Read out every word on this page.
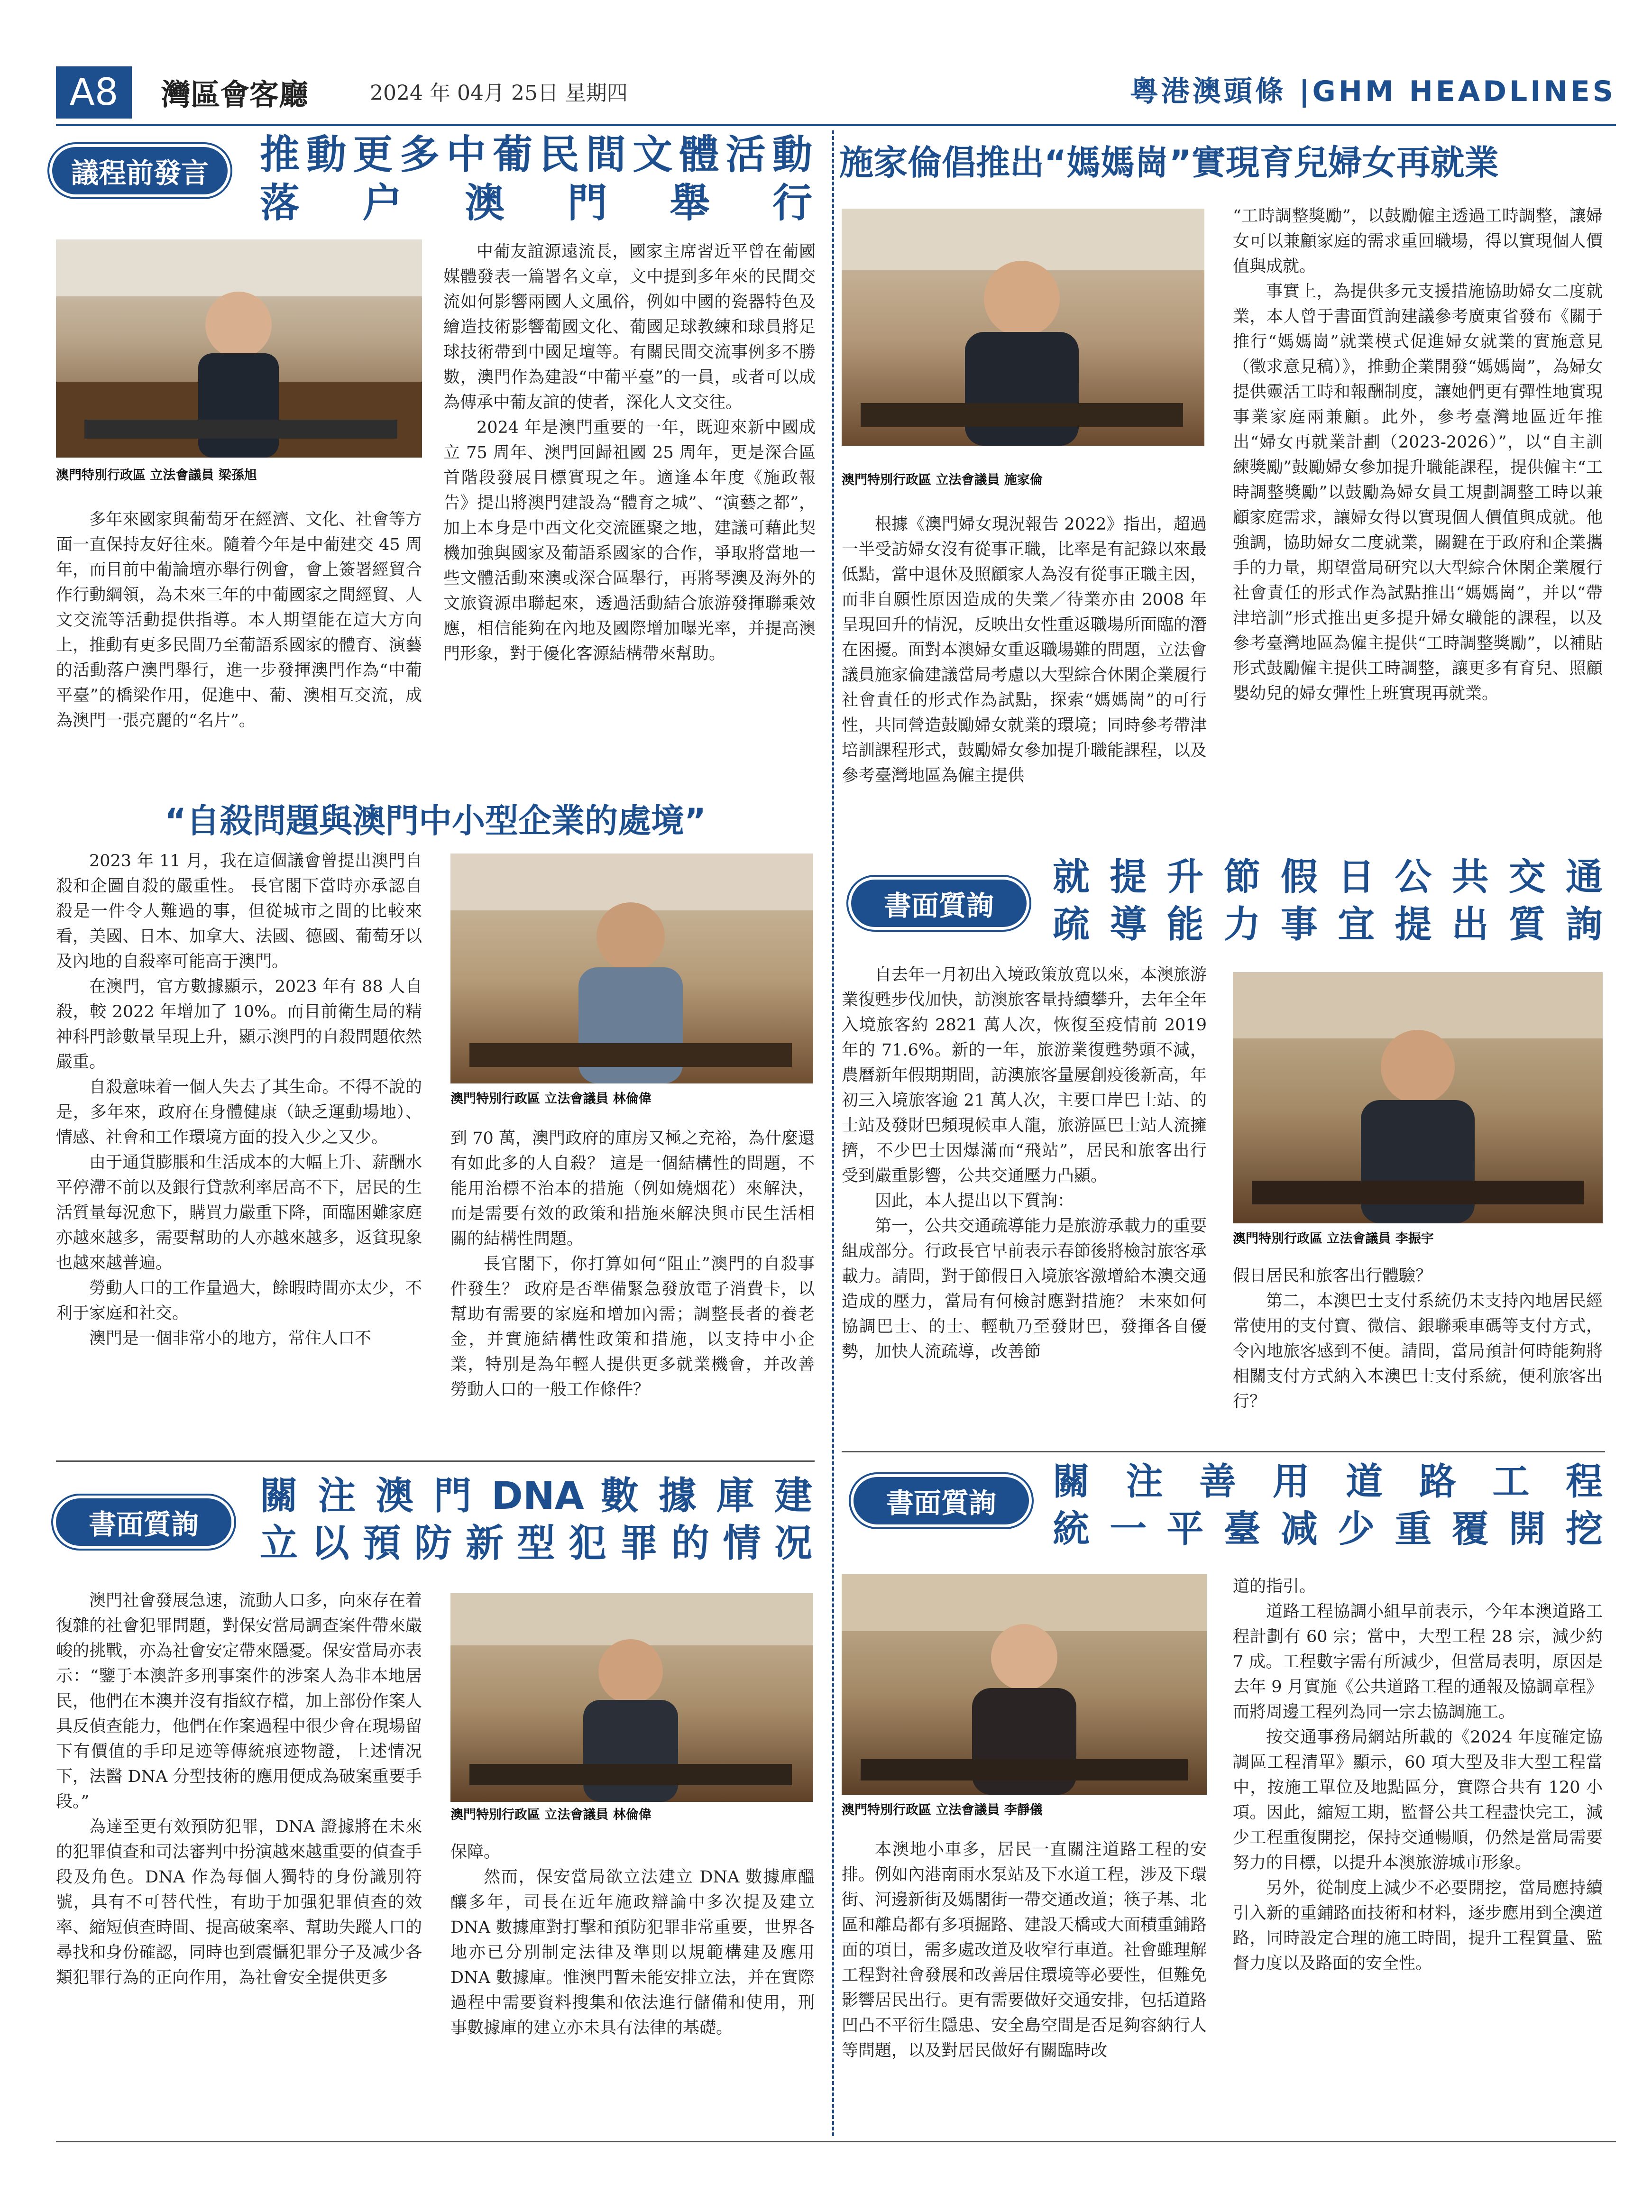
A8	灣區會客廳	2024 年 04月 25日 星期四	粵港澳頭條 |GHM HEADLINES
議程前發言	推動更多中葡民間文體活動
落 户 澳 門 舉 行
澳門特別行政區 立法會議員 梁孫旭

多年來國家與葡萄牙在經濟、文化、社會等方面一直保持友好往來。隨着今年是中葡建交 45 周年，而目前中葡論壇亦舉行例會，會上簽署經貿合作行動綱領，為未來三年的中葡國家之間經貿、人文交流等活動提供指導。本人期望能在這大方向上，推動有更多民間乃至葡語系國家的體育、演藝的活動落户澳門舉行，進一步發揮澳門作為“中葡平臺”的橋梁作用，促進中、葡、澳相互交流，成為澳門一張亮麗的“名片”。

中葡友誼源遠流長，國家主席習近平曾在葡國媒體發表一篇署名文章，文中提到多年來的民間交流如何影響兩國人文風俗，例如中國的瓷器特色及繪造技術影響葡國文化、葡國足球教練和球員將足球技術帶到中國足壇等。有關民間交流事例多不勝數，澳門作為建設“中葡平臺”的一員，或者可以成為傳承中葡友誼的使者，深化人文交往。

2024 年是澳門重要的一年，既迎來新中國成立 75 周年、澳門回歸祖國 25 周年，更是深合區首階段發展目標實現之年。適逢本年度《施政報告》提出將澳門建設為“體育之城”、“演藝之都”，加上本身是中西文化交流匯聚之地，建議可藉此契機加強與國家及葡語系國家的合作，爭取將當地一些文體活動來澳或深合區舉行，再將琴澳及海外的文旅資源串聯起來，透過活動結合旅游發揮聯乘效應，相信能夠在內地及國際增加曝光率，并提高澳門形象，對于優化客源結構帶來幫助。

“自殺問題與澳門中小型企業的處境”

2023 年 11 月，我在這個議會曾提出澳門自殺和企圖自殺的嚴重性。 長官閣下當時亦承認自殺是一件令人難過的事，但從城市之間的比較來看，美國、日本、加拿大、法國、德國、葡萄牙以及內地的自殺率可能高于澳門。

在澳門，官方數據顯示，2023 年有 88 人自殺，較 2022 年增加了 10%。而目前衛生局的精神科門診數量呈現上升，顯示澳門的自殺問題依然嚴重。

自殺意味着一個人失去了其生命。不得不說的是，多年來，政府在身體健康（缺乏運動場地）、情感、社會和工作環境方面的投入少之又少。

由于通貨膨脹和生活成本的大幅上升、薪酬水平停滯不前以及銀行貸款利率居高不下，居民的生活質量每況愈下，購買力嚴重下降，面臨困難家庭亦越來越多，需要幫助的人亦越來越多，返貧現象也越來越普遍。

勞動人口的工作量過大，餘暇時間亦太少，不利于家庭和社交。

澳門是一個非常小的地方，常住人口不

澳門特別行政區 立法會議員 林倫偉

到 70 萬，澳門政府的庫房又極之充裕，為什麼還有如此多的人自殺？ 這是一個結構性的問題，不能用治標不治本的措施（例如燒烟花）來解決，而是需要有效的政策和措施來解決與市民生活相關的結構性問題。

長官閣下，你打算如何“阻止”澳門的自殺事件發生？ 政府是否準備緊急發放電子消費卡，以幫助有需要的家庭和增加內需；調整長者的養老金，并實施結構性政策和措施，以支持中小企業，特別是為年輕人提供更多就業機會，并改善勞動人口的一般工作條件？

書面質詢
關 注 澳 門 DNA 數 據 庫 建
立 以 預 防 新 型 犯 罪 的 情 况

澳門社會發展急速，流動人口多，向來存在着復雜的社會犯罪問題，對保安當局調查案件帶來嚴峻的挑戰，亦為社會安定帶來隱憂。保安當局亦表示：“鑒于本澳許多刑事案件的涉案人為非本地居民，他們在本澳并沒有指紋存檔，加上部份作案人具反偵查能力，他們在作案過程中很少會在現場留下有價值的手印足迹等傳統痕迹物證，上述情况下，法醫 DNA 分型技術的應用便成為破案重要手段。”

為達至更有效預防犯罪，DNA 證據將在未來的犯罪偵查和司法審判中扮演越來越重要的偵查手段及角色。DNA 作為每個人獨特的身份識別符號，具有不可替代性，有助于加强犯罪偵查的效率、縮短偵查時間、提高破案率、幫助失蹤人口的尋找和身份確認，同時也到震懾犯罪分子及减少各類犯罪行為的正向作用，為社會安全提供更多

澳門特別行政區 立法會議員 林倫偉

保障。

然而，保安當局欲立法建立 DNA 數據庫醞釀多年，司長在近年施政辯論中多次提及建立 DNA 數據庫對打擊和預防犯罪非常重要，世界各地亦已分別制定法律及準則以規範構建及應用 DNA 數據庫。惟澳門暫未能安排立法，并在實際過程中需要資料搜集和依法進行儲備和使用，刑事數據庫的建立亦未具有法律的基礎。

施家倫倡推出“媽媽崗”實現育兒婦女再就業
澳門特別行政區 立法會議員 施家倫

根據《澳門婦女現況報告 2022》指出，超過一半受訪婦女沒有從事正職，比率是有記錄以來最低點，當中退休及照顧家人為沒有從事正職主因，而非自願性原因造成的失業／待業亦由 2008 年呈現回升的情況，反映出女性重返職場所面臨的潛在困擾。面對本澳婦女重返職場難的問題，立法會議員施家倫建議當局考慮以大型綜合休閑企業履行社會責任的形式作為試點，探索“媽媽崗”的可行性，共同營造鼓勵婦女就業的環境；同時參考帶津培訓課程形式，鼓勵婦女參加提升職能課程，以及參考臺灣地區為僱主提供

“工時調整獎勵”，以鼓勵僱主透過工時調整，讓婦女可以兼顧家庭的需求重回職場，得以實現個人價值與成就。

事實上，為提供多元支援措施協助婦女二度就業，本人曾于書面質詢建議參考廣東省發布《關于推行“媽媽崗”就業模式促進婦女就業的實施意見（徵求意見稿）》，推動企業開發“媽媽崗”，為婦女提供靈活工時和報酬制度，讓她們更有彈性地實現事業家庭兩兼顧。此外，參考臺灣地區近年推出“婦女再就業計劃（2023-2026）”，以“自主訓練獎勵”鼓勵婦女參加提升職能課程，提供僱主“工時調整獎勵”以鼓勵為婦女員工規劃調整工時以兼顧家庭需求，讓婦女得以實現個人價值與成就。他強調，協助婦女二度就業，關鍵在于政府和企業攜手的力量，期望當局研究以大型綜合休閑企業履行社會責任的形式作為試點推出“媽媽崗”，并以“帶津培訓”形式推出更多提升婦女職能的課程，以及參考臺灣地區為僱主提供“工時調整獎勵”，以補貼形式鼓勵僱主提供工時調整，讓更多有育兒、照顧嬰幼兒的婦女彈性上班實現再就業。

書面質詢
就 提 升 節 假 日 公 共 交 通
疏 導 能 力 事 宜 提 出 質 詢

自去年一月初出入境政策放寬以來，本澳旅游業復甦步伐加快，訪澳旅客量持續攀升，去年全年入境旅客約 2821 萬人次，恢復至疫情前 2019 年的 71.6%。新的一年，旅游業復甦勢頭不減，農曆新年假期期間，訪澳旅客量屢創疫後新高，年初三入境旅客逾 21 萬人次，主要口岸巴士站、的士站及發財巴頻現候車人龍，旅游區巴士站人流擁擠，不少巴士因爆滿而“飛站”，居民和旅客出行受到嚴重影響，公共交通壓力凸顯。

因此，本人提出以下質詢：

第一，公共交通疏導能力是旅游承載力的重要組成部分。行政長官早前表示春節後將檢討旅客承載力。請問，對于節假日入境旅客激增給本澳交通造成的壓力，當局有何檢討應對措施？ 未來如何協調巴士、的士、輕軌乃至發財巴，發揮各自優勢，加快人流疏導，改善節

澳門特別行政區 立法會議員 李振宇

假日居民和旅客出行體驗？

第二，本澳巴士支付系統仍未支持內地居民經常使用的支付寶、微信、銀聯乘車碼等支付方式，令內地旅客感到不便。請問，當局預計何時能夠將相關支付方式納入本澳巴士支付系統，便利旅客出行？

書面質詢	關 注 善 用 道 路 工 程
統 一 平 臺 减 少 重 覆 開 挖
澳門特別行政區 立法會議員 李靜儀

本澳地小車多，居民一直關注道路工程的安排。例如內港南雨水泵站及下水道工程，涉及下環街、河邊新街及媽閣街一帶交通改道；筷子基、北區和離島都有多項掘路、建設天橋或大面積重鋪路面的項目，需多處改道及收窄行車道。社會雖理解工程對社會發展和改善居住環境等必要性，但難免影響居民出行。更有需要做好交通安排，包括道路凹凸不平衍生隱患、安全島空間是否足夠容納行人等問題，以及對居民做好有關臨時改

道的指引。

道路工程協調小組早前表示，今年本澳道路工程計劃有 60 宗；當中，大型工程 28 宗，減少約 7 成。工程數字需有所減少，但當局表明，原因是去年 9 月實施《公共道路工程的通報及協調章程》而將周邊工程列為同一宗去協調施工。

按交通事務局網站所載的《2024 年度確定協調區工程清單》顯示，60 項大型及非大型工程當中，按施工單位及地點區分，實際合共有 120 小項。因此，縮短工期，監督公共工程盡快完工，減少工程重復開挖，保持交通暢順，仍然是當局需要努力的目標，以提升本澳旅游城市形象。

另外，從制度上減少不必要開挖，當局應持續引入新的重鋪路面技術和材料，逐步應用到全澳道路，同時設定合理的施工時間，提升工程質量、監督力度以及路面的安全性。
